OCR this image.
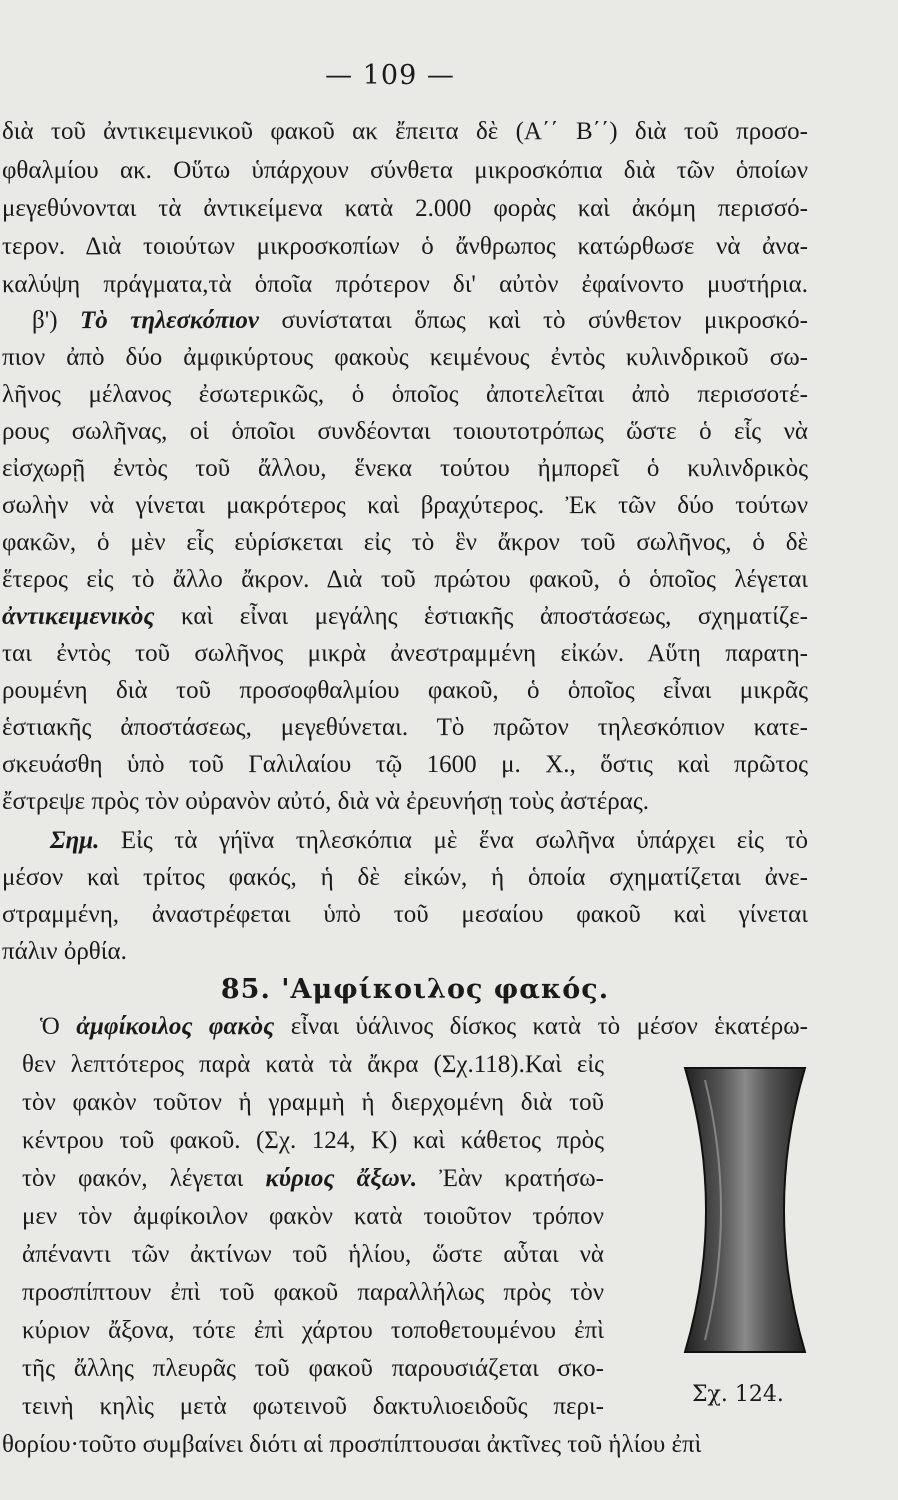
— 109 —
διὰ τοῦ ἀντικειμενικοῦ φακοῦ ακ ἔπειτα δὲ (Α΄΄ Β΄΄) διὰ τοῦ προσο-
φθαλμίου ακ. Οὕτω ὑπάρχουν σύνθετα μικροσκόπια διὰ τῶν ὁποίων
μεγεθύνονται τὰ ἀντικείμενα κατὰ 2.000 φορὰς καὶ ἀκόμη περισσό-
τερον. Διὰ τοιούτων μικροσκοπίων ὁ ἄνθρωπος κατώρθωσε νὰ ἀνα-
καλύψη πράγματα,τὰ ὁποῖα πρότερον δι' αὐτὸν ἐφαίνοντο μυστήρια.
β') Τὸ τηλεσκόπιον συνίσταται ὅπως καὶ τὸ σύνθετον μικροσκό-
πιον ἀπὸ δύο ἀμφικύρτους φακοὺς κειμένους ἐντὸς κυλινδρικοῦ σω-
λῆνος μέλανος ἐσωτερικῶς, ὁ ὁποῖος ἀποτελεῖται ἀπὸ περισσοτέ-
ρους σωλῆνας, οἱ ὁποῖοι συνδέονται τοιουτοτρόπως ὥστε ὁ εἷς νὰ
εἰσχωρῇ ἐντὸς τοῦ ἄλλου, ἕνεκα τούτου ἠμπορεῖ ὁ κυλινδρικὸς
σωλὴν νὰ γίνεται μακρότερος καὶ βραχύτερος. Ἐκ τῶν δύο τούτων
φακῶν, ὁ μὲν εἷς εὑρίσκεται εἰς τὸ ἓν ἄκρον τοῦ σωλῆνος, ὁ δὲ
ἕτερος εἰς τὸ ἄλλο ἄκρον. Διὰ τοῦ πρώτου φακοῦ, ὁ ὁποῖος λέγεται
ἀντικειμενικὸς καὶ εἶναι μεγάλης ἑστιακῆς ἀποστάσεως, σχηματίζε-
ται ἐντὸς τοῦ σωλῆνος μικρὰ ἀνεστραμμένη εἰκών. Αὕτη παρατη-
ρουμένη διὰ τοῦ προσοφθαλμίου φακοῦ, ὁ ὁποῖος εἶναι μικρᾶς
ἑστιακῆς ἀποστάσεως, μεγεθύνεται. Τὸ πρῶτον τηλεσκόπιον κατε-
σκευάσθη ὑπὸ τοῦ Γαλιλαίου τῷ 1600 μ. Χ., ὅστις καὶ πρῶτος
ἔστρεψε πρὸς τὸν οὐρανὸν αὐτό, διὰ νὰ ἐρευνήσῃ τοὺς ἀστέρας.
Σημ. Εἰς τὰ γήϊνα τηλεσκόπια μὲ ἕνα σωλῆνα ὑπάρχει εἰς τὸ
μέσον καὶ τρίτος φακός, ἡ δὲ εἰκών, ἡ ὁποία σχηματίζεται ἀνε-
στραμμένη, ἀναστρέφεται ὑπὸ τοῦ μεσαίου φακοῦ καὶ γίνεται
πάλιν ὀρθία.
85. 'Αμφίκοιλος φακός.
Ὁ ἀμφίκοιλος φακὸς εἶναι ὑάλινος δίσκος κατὰ τὸ μέσον ἑκατέρω-
θεν λεπτότερος παρὰ κατὰ τὰ ἄκρα (Σχ.118).Καὶ εἰς
τὸν φακὸν τοῦτον ἡ γραμμὴ ἡ διερχομένη διὰ τοῦ
κέντρου τοῦ φακοῦ. (Σχ. 124, Κ) καὶ κάθετος πρὸς
τὸν φακόν, λέγεται κύριος ἄξων. Ἐὰν κρατήσω-
μεν τὸν ἀμφίκοιλον φακὸν κατὰ τοιοῦτον τρόπον
ἀπέναντι τῶν ἀκτίνων τοῦ ἡλίου, ὥστε αὗται νὰ
προσπίπτουν ἐπὶ τοῦ φακοῦ παραλλήλως πρὸς τὸν
κύριον ἄξονα, τότε ἐπὶ χάρτου τοποθετουμένου ἐπὶ
τῆς ἄλλης πλευρᾶς τοῦ φακοῦ παρουσιάζεται σκο-
τεινὴ κηλὶς μετὰ φωτεινοῦ δακτυλιοειδοῦς περι-
θορίου·τοῦτο συμβαίνει διότι αἱ προσπίπτουσαι ἀκτῖνες τοῦ ἡλίου ἐπὶ
Σχ. 124.
